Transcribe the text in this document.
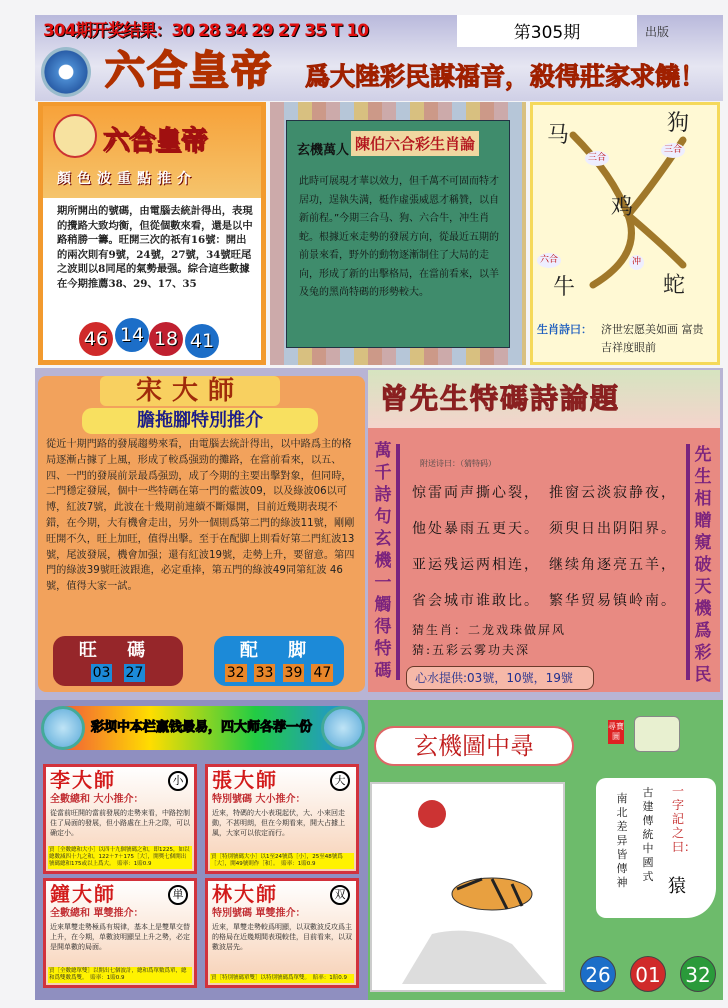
304期开奖结果：30 28 34 29 27 35 T 10	第305期	出版
六合皇帝 爲大陸彩民謀福音，殺得莊家求饒！
六合皇帝
顏色波重點推介
期所開出的號碼，由電腦去統計得出，表現的攪路大致均衡，但從個數來看，還是以中路稍勝一籌。旺開三次的祇有16號：開出的兩次則有9號，24號，27號，34號旺尾之波則以8同尾的氣勢最强。綜合這些數據在今期推薦38、29、17、35
46 14 18 41
玄機萬人 陳伯六合彩生肖論
此時可展現才華以效力，但千萬不可固而特才居功，逞執失满，梃作虛張威恩才稱贊，以自新前程。”今期三合马、狗、六合牛，冲生肖蛇。根據近來走勢的發展方向，從最近五期的前景來看，野外的動物逐漸制住了大局的走向，形成了新的出擊格局，在當前看來，以羊及兔的黑尚特碼的形勢較大。
马	狗
鸡
牛	蛇
三合
三合
六合	冲
生肖詩曰： 济世宏愿美如画 富贵吉祥度眼前
宋大師
膽拖腳特別推介
從近十期門路的發展趨勢來看，由電腦去統計得出，以中路爲主的格局逐漸占據了上風，形成了較爲强勁的攤路，在當前看來，以五、四、一門的發展前景最爲强勁，成了今期的主要出擊對象，但同時，二門穩定發展，個中一些特碼在第一門的藍波09，以及綠波06以可博，紅波7號，此波在十幾期前連續不斷爆開，目前近幾期表現不錯，在今期，大有機會走出，另外一個則爲第二門的綠波11號，剛剛旺開不久，旺上加旺，值得出擊。至于在配脚上則看好第二門紅波13號，尾波發展，機會加强；還有紅波19號，走勢上升，要留意。第四門的綠波39號旺波跟進，必定重捧，第五門的綠波49同第紅波 46號，值得大家一試。
旺 碼
03 27
配 脚
32 33 39 47
曾先生特碼詩論題
萬千詩句玄機一觸得特碼
先生相贈窺破天機爲彩民
附送诗曰：（猜特码）
惊雷両声撕心裂，　推窗云淡寂静夜，
他处暴雨五更天。　须臾日出阴阳界。
亚运残运两相连，　继续角逐亮五羊，
省会城市谁敢比。　繁华贸易镇岭南。
猜生肖：二龙戏珠做屏风
猜:五彩云雾功夫深
心水提供:03號，10號，19號
彩坝中本栏赢钱最易，四大师各荐一份
李大師	小
全數總和 大小推介：
從當前旺開的當前發展的走勢來看，中路控制住了局面的發展，但小路處在上升之際，可以确定小。
買［全數總和大小］以四十九個號碼之和，即1225，如以總數減四十九之和，122＋7＋175［大］，開獎七個開出號碼總和175或以上爲大。　賠率：1賠0.9
張大師	大
特別號碼 大小推介：
近來，特碼的大小表現起伏，大、小來回走動，不甚明朗，但在今期看來，開大占據上風，大家可以依定而行。
買［特別號碼大小］以1至24號爲［小］，25至48號爲［大］，開49號則作［和］。　賠率：1賠0.9
鐘大師	単
全數總和 單雙推介：
近來單雙走勢極爲有規律，基本上是雙單交替上升，在今期，单數波明顯呈上升之勢，必定是開单數的局面。
買［全數總單雙］以開出七個波計，總和爲單數爲單，總和爲雙數爲雙。　賠率：1賠0.9
林大師	双
特別號碼 單雙推介：
近來，單雙走勢較爲明顯，以双數波反攻爲主的格局在近幾期間表現較佳，目前看來，以双數波居先。
買［特別號碼單雙］以特別號碼爲單雙。　賠率：1賠0.9
玄機圖中尋
尋寶圖
南北差异皆傳神
古建傳統中國式
一字記之曰：
猿
26 01 32
